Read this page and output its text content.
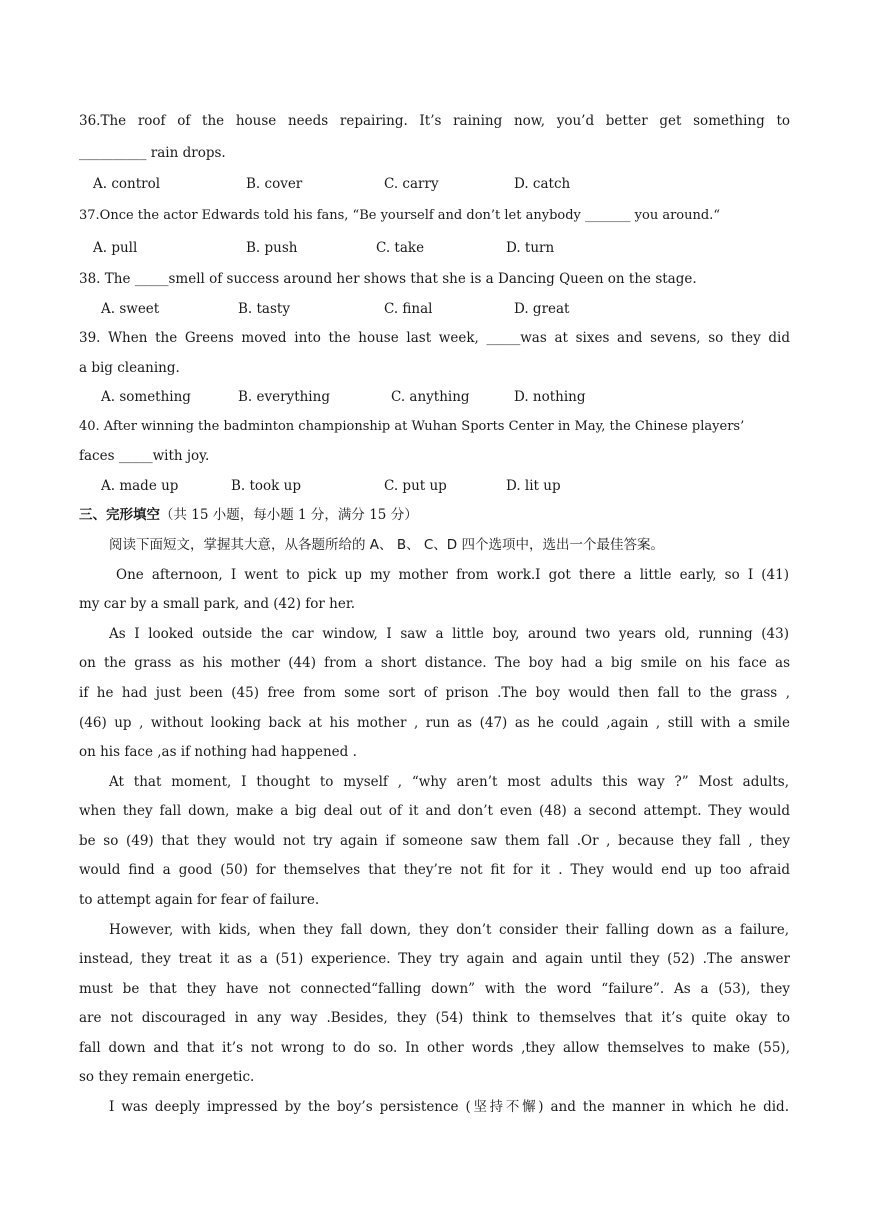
36.The roof of the house needs repairing. It’s raining now, you’d better get something to
__________ rain drops.
A. control	B. cover	C. carry	D. catch
37.Once the actor Edwards told his fans, “Be yourself and don’t let anybody _______ you around.“
A. pull	B. push	C. take	D. turn
38. The _____smell of success around her shows that she is a Dancing Queen on the stage.
A. sweet	B. tasty	C. final	D. great
39. When the Greens moved into the house last week, _____was at sixes and sevens, so they did
a big cleaning.
A. something	B. everything	C. anything	D. nothing
40. After winning the badminton championship at Wuhan Sports Center in May, the Chinese players’
faces _____with joy.
A. made up	B. took up	C. put up	D. lit up
三、完形填空（共 15 小题，每小题 1 分，满分 15 分）
阅读下面短文，掌握其大意，从各题所给的 A、 B、 C、D 四个选项中，选出一个最佳答案。
One afternoon, I went to pick up my mother from work.I got there a little early, so I (41)
my car by a small park, and (42) for her.
As I looked outside the car window, I saw a little boy, around two years old, running (43)
on the grass as his mother (44) from a short distance. The boy had a big smile on his face as
if he had just been (45) free from some sort of prison .The boy would then fall to the grass ,
(46) up , without looking back at his mother , run as (47) as he could ,again , still with a smile
on his face ,as if nothing had happened .
At that moment, I thought to myself , “why aren’t most adults this way ?” Most adults,
when they fall down, make a big deal out of it and don’t even (48) a second attempt. They would
be so (49) that they would not try again if someone saw them fall .Or , because they fall , they
would find a good (50) for themselves that they’re not fit for it . They would end up too afraid
to attempt again for fear of failure.
However, with kids, when they fall down, they don’t consider their falling down as a failure,
instead, they treat it as a (51) experience. They try again and again until they (52) .The answer
must be that they have not connected“falling down” with the word “failure”. As a (53), they
are not discouraged in any way .Besides, they (54) think to themselves that it’s quite okay to
fall down and that it’s not wrong to do so. In other words ,they allow themselves to make (55),
so they remain energetic.
I was deeply impressed by the boy’s persistence (坚持不懈) and the manner in which he did.
